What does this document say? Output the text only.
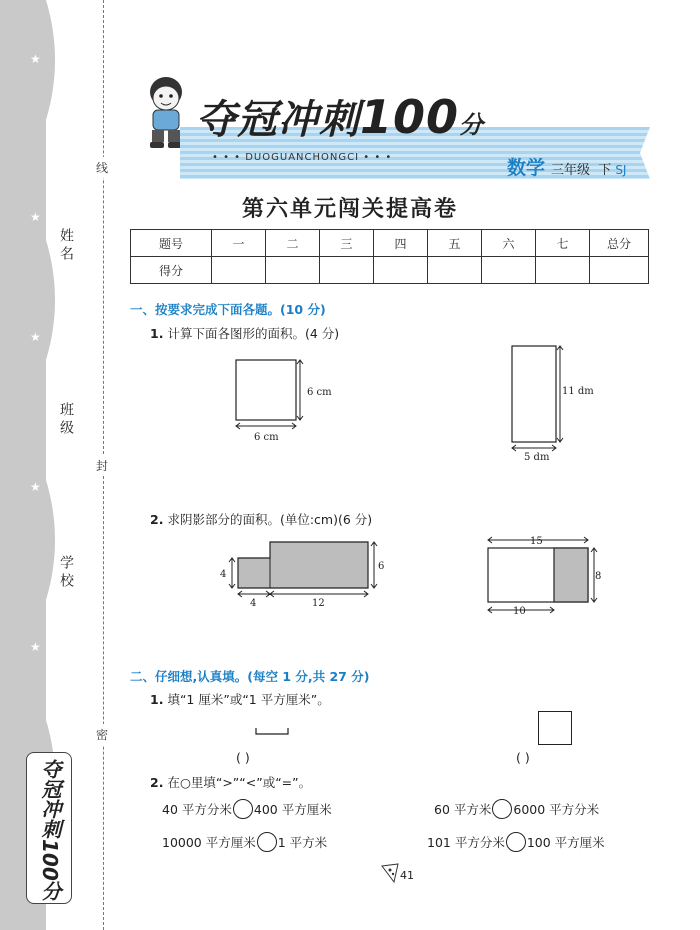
★
★
★
★
★
线
封
密
姓名
班级
学校
夺冠冲刺100分
夺冠冲刺100分
• • • DUOGUANCHONGCI • • •	数学 三年级 下 SJ
第六单元闯关提高卷
题号	一	二	三	四	五	六	七	总分
得分								
一、按要求完成下面各题。(10 分)
1. 计算下面各图形的面积。(4 分)
6 cm
6 cm
11 dm
5 dm
2. 求阴影部分的面积。(单位:cm)(6 分)
4
6
4	12
15
8
10
二、仔细想,认真填。(每空 1 分,共 27 分)
1. 填“1 厘米”或“1 平方厘米”。
( )	( )
2. 在○里填“>”“<”或“=”。
40 平方分米 400 平方厘米	60 平方米 6000 平方分米
10000 平方厘米 1 平方米	101 平方分米 100 平方厘米
41
